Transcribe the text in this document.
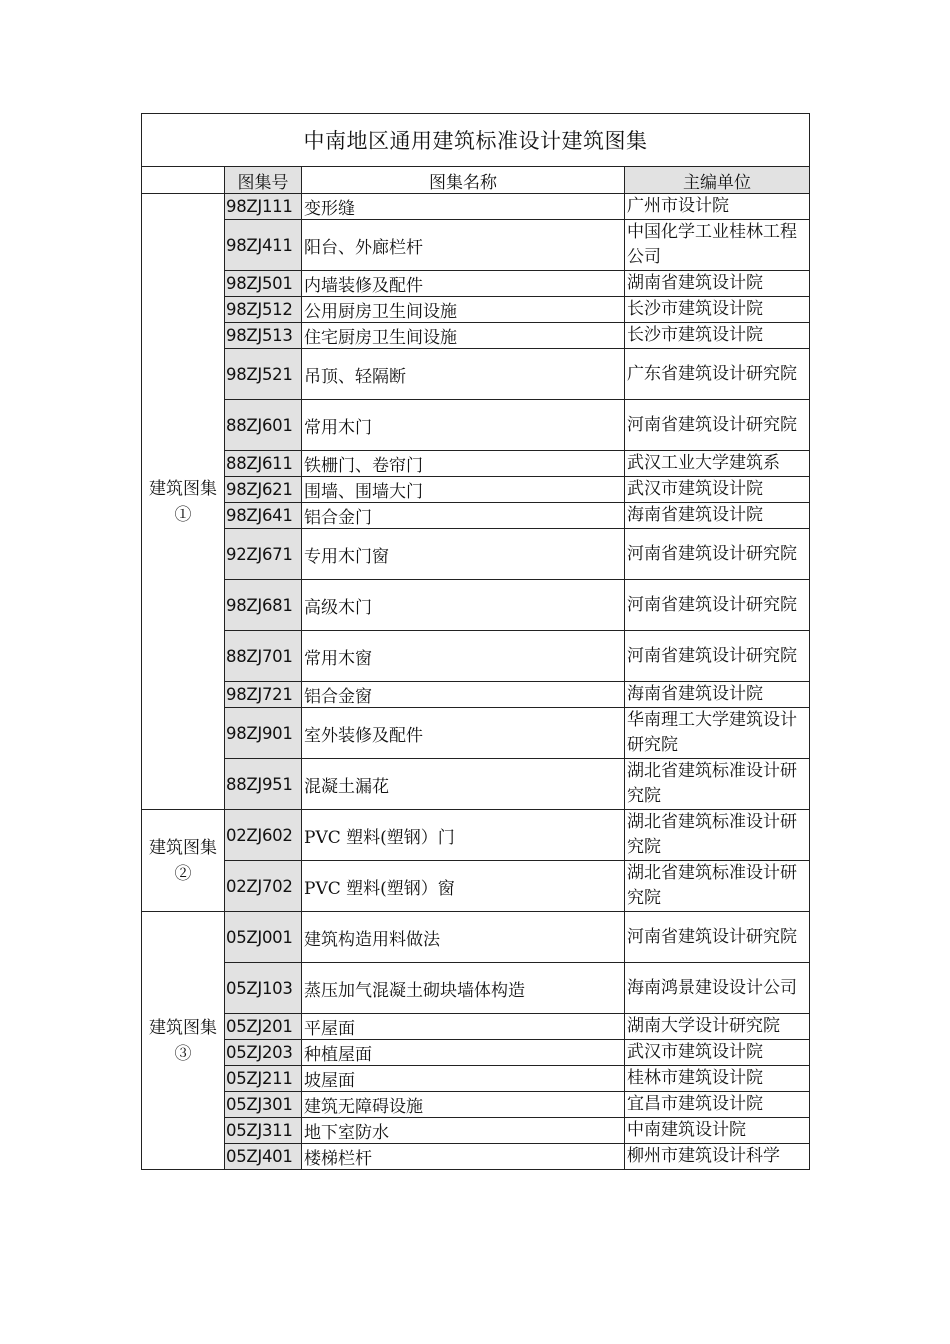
中南地区通用建筑标准设计建筑图集			
	图集号	图集名称	主编单位
建筑图集①	98ZJ111	变形缝	广州市设计院
	98ZJ411	阳台、外廊栏杆	中国化学工业桂林工程公司
	98ZJ501	内墙装修及配件	湖南省建筑设计院
	98ZJ512	公用厨房卫生间设施	长沙市建筑设计院
	98ZJ513	住宅厨房卫生间设施	长沙市建筑设计院
	98ZJ521	吊顶、轻隔断	广东省建筑设计研究院
	88ZJ601	常用木门	河南省建筑设计研究院
	88ZJ611	铁栅门、卷帘门	武汉工业大学建筑系
	98ZJ621	围墙、围墙大门	武汉市建筑设计院
	98ZJ641	铝合金门	海南省建筑设计院
	92ZJ671	专用木门窗	河南省建筑设计研究院
	98ZJ681	高级木门	河南省建筑设计研究院
	88ZJ701	常用木窗	河南省建筑设计研究院
	98ZJ721	铝合金窗	海南省建筑设计院
	98ZJ901	室外装修及配件	华南理工大学建筑设计研究院
	88ZJ951	混凝土漏花	湖北省建筑标准设计研究院
建筑图集②	02ZJ602	PVC 塑料(塑钢）门	湖北省建筑标准设计研究院
	02ZJ702	PVC 塑料(塑钢）窗	湖北省建筑标准设计研究院
建筑图集③	05ZJ001	建筑构造用料做法	河南省建筑设计研究院
	05ZJ103	蒸压加气混凝土砌块墙体构造	海南鸿景建设设计公司
	05ZJ201	平屋面	湖南大学设计研究院
	05ZJ203	种植屋面	武汉市建筑设计院
	05ZJ211	坡屋面	桂林市建筑设计院
	05ZJ301	建筑无障碍设施	宜昌市建筑设计院
	05ZJ311	地下室防水	中南建筑设计院
	05ZJ401	楼梯栏杆	柳州市建筑设计科学
